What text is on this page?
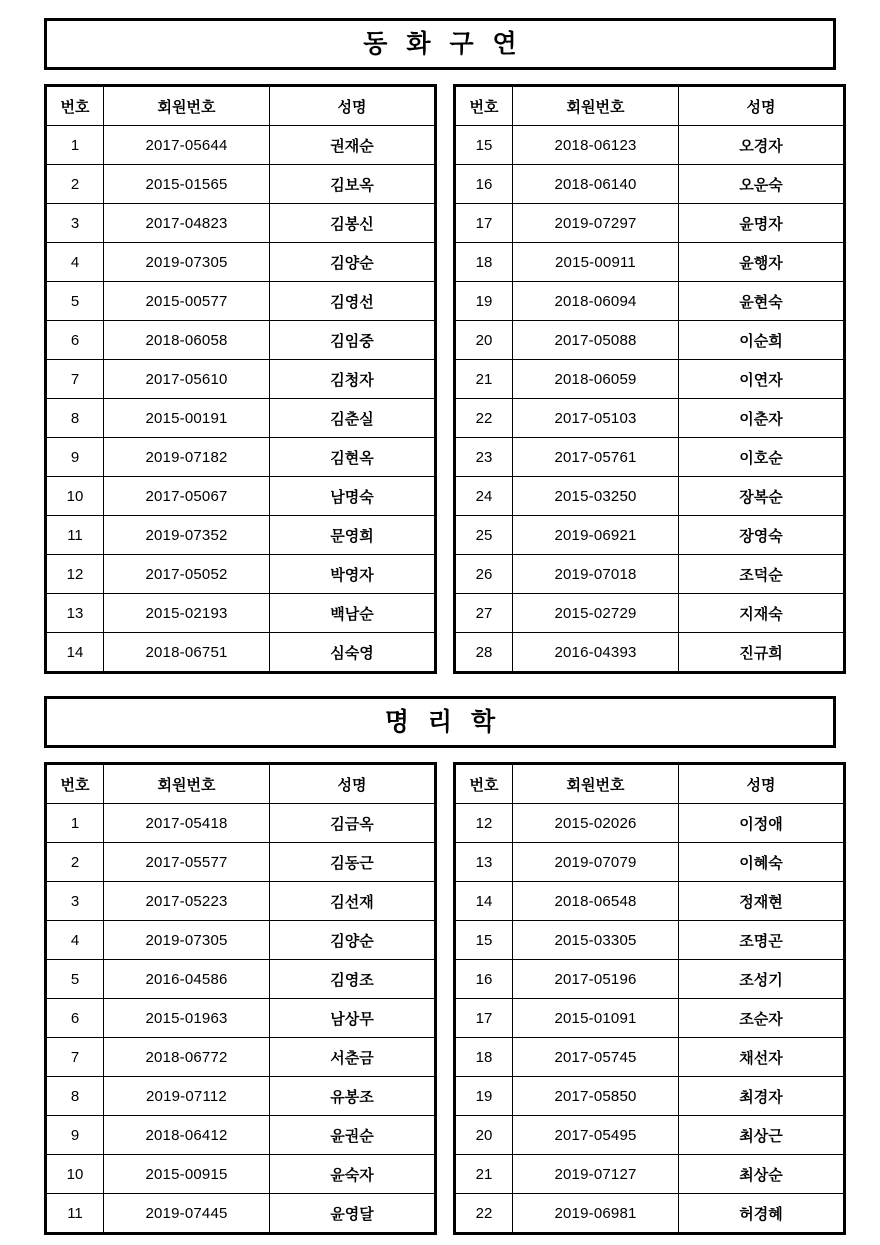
동 화 구 연
번호	회원번호	성명
1	2017-05644	권재순
2	2015-01565	김보옥
3	2017-04823	김봉신
4	2019-07305	김양순
5	2015-00577	김영선
6	2018-06058	김임중
7	2017-05610	김청자
8	2015-00191	김춘실
9	2019-07182	김현옥
10	2017-05067	남명숙
11	2019-07352	문영희
12	2017-05052	박영자
13	2015-02193	백남순
14	2018-06751	심숙영
번호	회원번호	성명
15	2018-06123	오경자
16	2018-06140	오운숙
17	2019-07297	윤명자
18	2015-00911	윤행자
19	2018-06094	윤현숙
20	2017-05088	이순희
21	2018-06059	이연자
22	2017-05103	이춘자
23	2017-05761	이호순
24	2015-03250	장복순
25	2019-06921	장영숙
26	2019-07018	조덕순
27	2015-02729	지재숙
28	2016-04393	진규희
명 리 학
번호	회원번호	성명
1	2017-05418	김금옥
2	2017-05577	김동근
3	2017-05223	김선재
4	2019-07305	김양순
5	2016-04586	김영조
6	2015-01963	남상무
7	2018-06772	서춘금
8	2019-07112	유봉조
9	2018-06412	윤권순
10	2015-00915	윤숙자
11	2019-07445	윤영달
번호	회원번호	성명
12	2015-02026	이정애
13	2019-07079	이혜숙
14	2018-06548	정재현
15	2015-03305	조명곤
16	2017-05196	조성기
17	2015-01091	조순자
18	2017-05745	채선자
19	2017-05850	최경자
20	2017-05495	최상근
21	2019-07127	최상순
22	2019-06981	허경혜
